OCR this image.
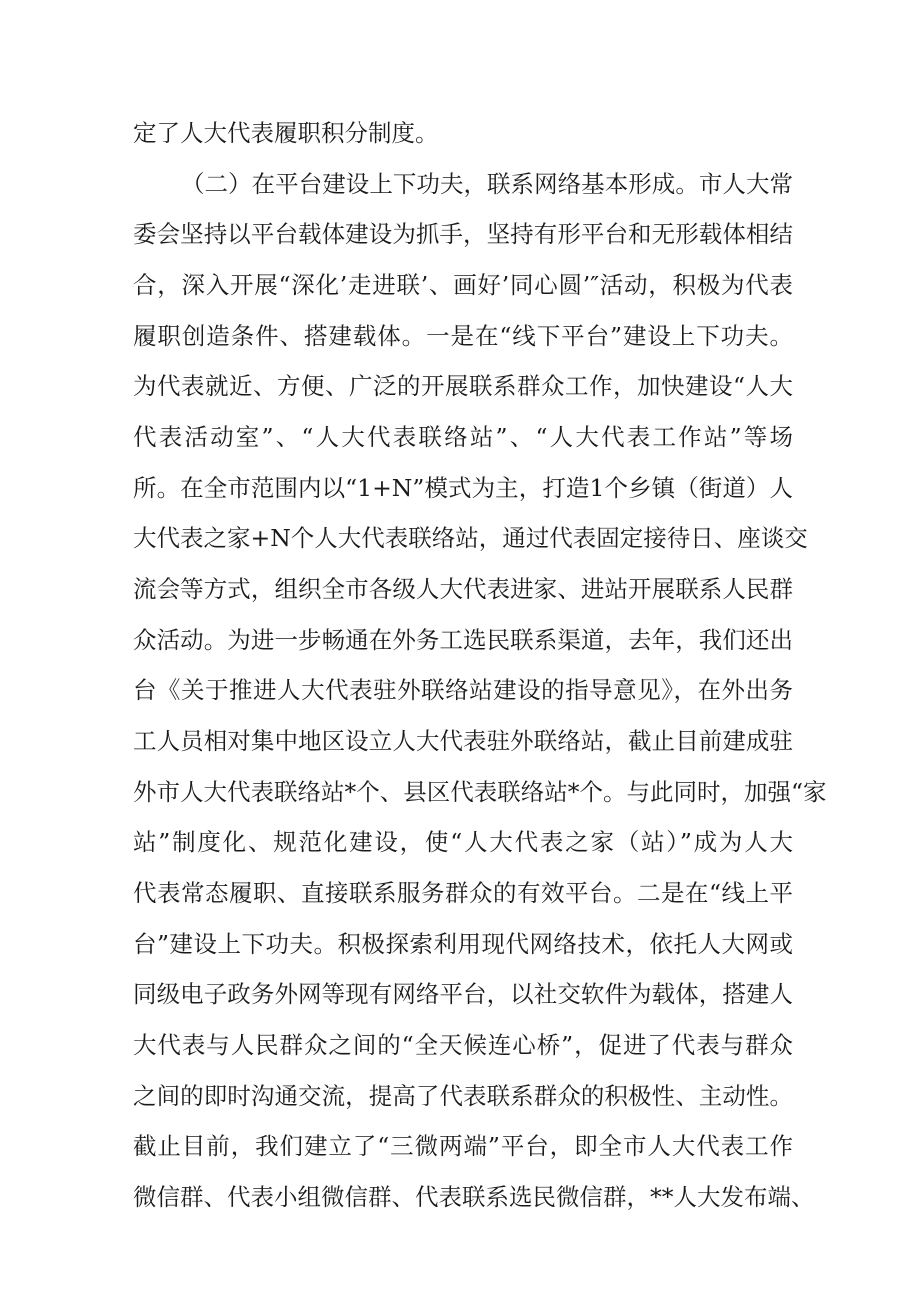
定了人大代表履职积分制度。
（二）在平台建设上下功夫，联系网络基本形成。市人大常
委会坚持以平台载体建设为抓手，坚持有形平台和无形载体相结
合，深入开展“深化’走进联’、画好’同心圆’″活动，积极为代表
履职创造条件、搭建载体。一是在“线下平台”建设上下功夫。
为代表就近、方便、广泛的开展联系群众工作，加快建设“人大
代表活动室”、“人大代表联络站”、“人大代表工作站”等场
所。在全市范围内以“1+N”模式为主，打造1个乡镇（街道）人
大代表之家+N个人大代表联络站，通过代表固定接待日、座谈交
流会等方式，组织全市各级人大代表进家、进站开展联系人民群
众活动。为进一步畅通在外务工选民联系渠道，去年，我们还出
台《关于推进人大代表驻外联络站建设的指导意见》，在外出务
工人员相对集中地区设立人大代表驻外联络站，截止目前建成驻
外市人大代表联络站*个、县区代表联络站*个。与此同时，加强“家
站”制度化、规范化建设，使“人大代表之家（站）”成为人大
代表常态履职、直接联系服务群众的有效平台。二是在“线上平
台”建设上下功夫。积极探索利用现代网络技术，依托人大网或
同级电子政务外网等现有网络平台，以社交软件为载体，搭建人
大代表与人民群众之间的“全天候连心桥”，促进了代表与群众
之间的即时沟通交流，提高了代表联系群众的积极性、主动性。
截止目前，我们建立了“三微两端”平台，即全市人大代表工作
微信群、代表小组微信群、代表联系选民微信群，**人大发布端、
